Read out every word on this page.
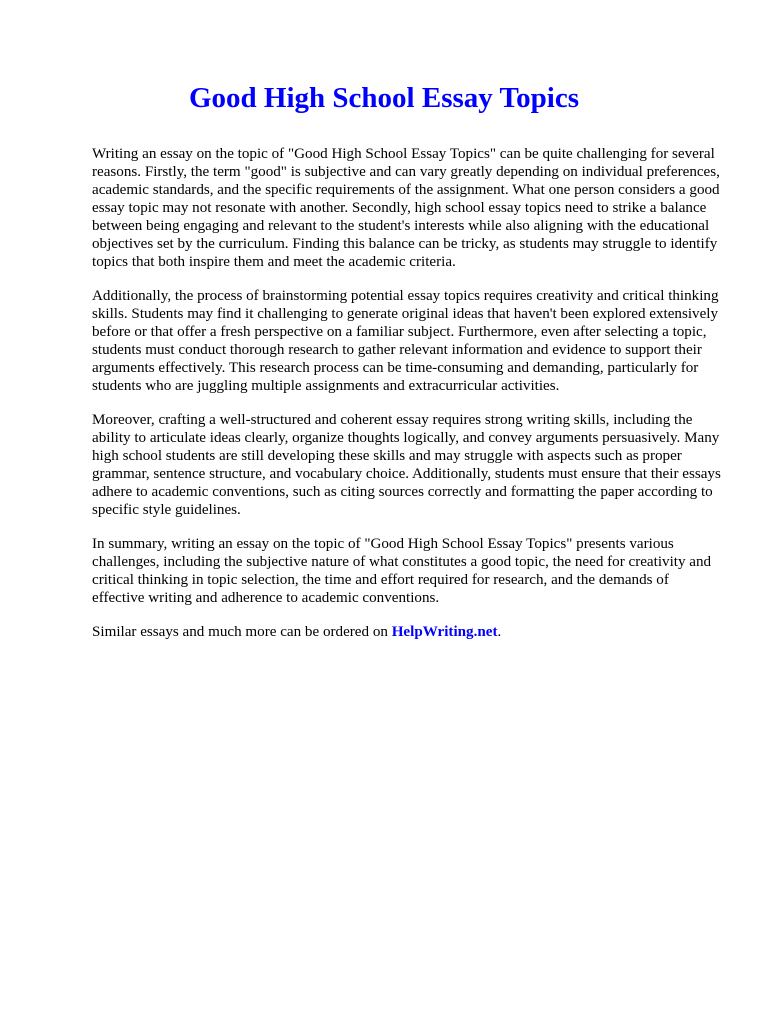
Good High School Essay Topics

Writing an essay on the topic of "Good High School Essay Topics" can be quite challenging for several reasons. Firstly, the term "good" is subjective and can vary greatly depending on individual preferences, academic standards, and the specific requirements of the assignment. What one person considers a good essay topic may not resonate with another. Secondly, high school essay topics need to strike a balance between being engaging and relevant to the student's interests while also aligning with the educational objectives set by the curriculum. Finding this balance can be tricky, as students may struggle to identify topics that both inspire them and meet the academic criteria.

Additionally, the process of brainstorming potential essay topics requires creativity and critical thinking skills. Students may find it challenging to generate original ideas that haven't been explored extensively before or that offer a fresh perspective on a familiar subject. Furthermore, even after selecting a topic, students must conduct thorough research to gather relevant information and evidence to support their arguments effectively. This research process can be time-consuming and demanding, particularly for students who are juggling multiple assignments and extracurricular activities.

Moreover, crafting a well-structured and coherent essay requires strong writing skills, including the ability to articulate ideas clearly, organize thoughts logically, and convey arguments persuasively. Many high school students are still developing these skills and may struggle with aspects such as proper grammar, sentence structure, and vocabulary choice. Additionally, students must ensure that their essays adhere to academic conventions, such as citing sources correctly and formatting the paper according to specific style guidelines.

In summary, writing an essay on the topic of "Good High School Essay Topics" presents various challenges, including the subjective nature of what constitutes a good topic, the need for creativity and critical thinking in topic selection, the time and effort required for research, and the demands of effective writing and adherence to academic conventions.

Similar essays and much more can be ordered on HelpWriting.net.
